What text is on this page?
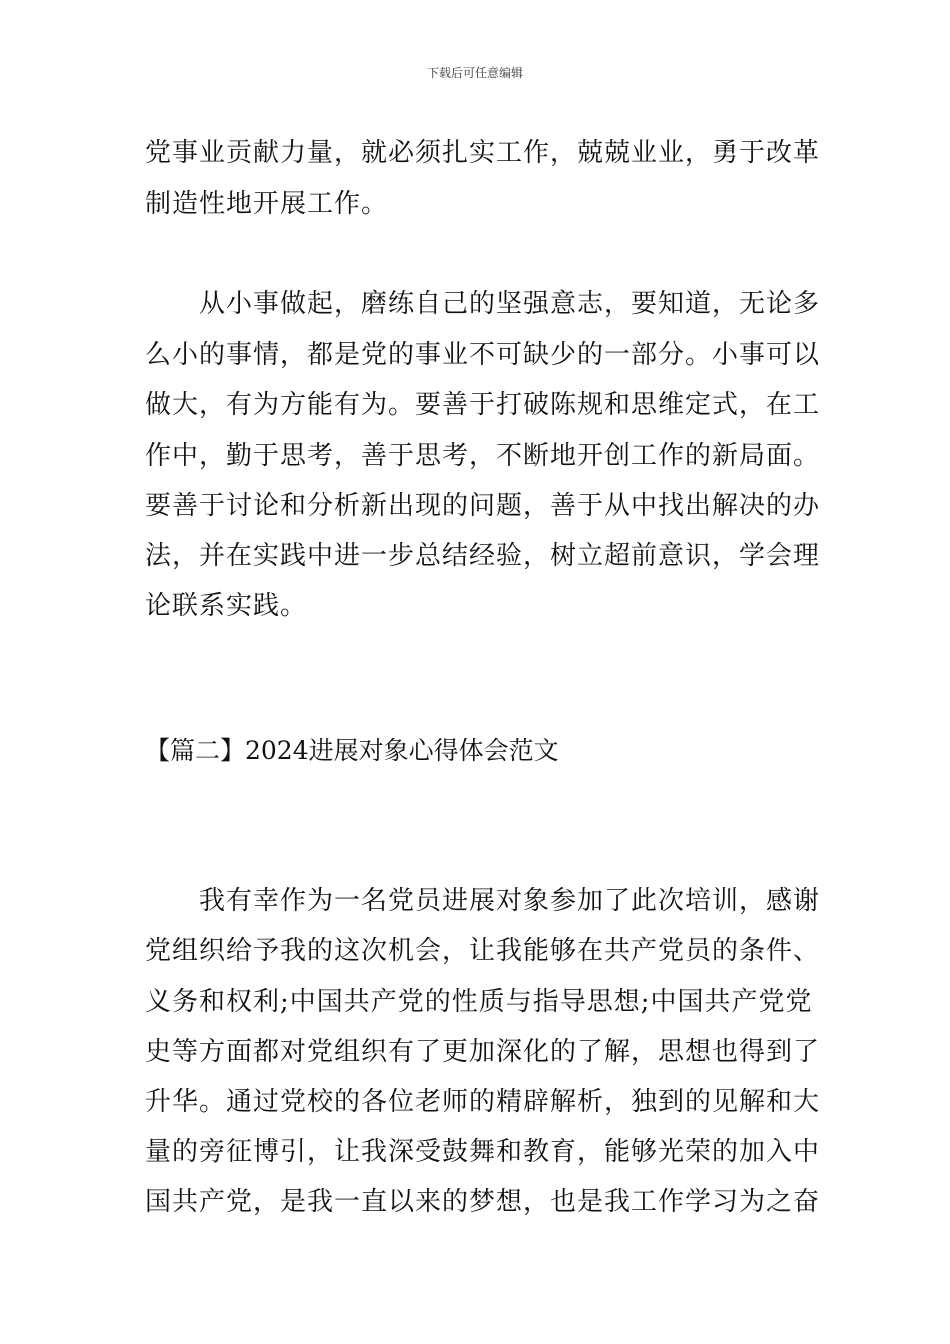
下载后可任意编辑
党事业贡献力量，就必须扎实工作，兢兢业业，勇于改革
制造性地开展工作。
　　从小事做起，磨练自己的坚强意志，要知道，无论多
么小的事情，都是党的事业不可缺少的一部分。小事可以
做大，有为方能有为。要善于打破陈规和思维定式，在工
作中，勤于思考，善于思考，不断地开创工作的新局面。
要善于讨论和分析新出现的问题，善于从中找出解决的办
法，并在实践中进一步总结经验，树立超前意识，学会理
论联系实践。
【篇二】2024进展对象心得体会范文
　　我有幸作为一名党员进展对象参加了此次培训，感谢
党组织给予我的这次机会，让我能够在共产党员的条件、
义务和权利;中国共产党的性质与指导思想;中国共产党党
史等方面都对党组织有了更加深化的了解，思想也得到了
升华。通过党校的各位老师的精辟解析，独到的见解和大
量的旁征博引，让我深受鼓舞和教育，能够光荣的加入中
国共产党，是我一直以来的梦想，也是我工作学习为之奋
